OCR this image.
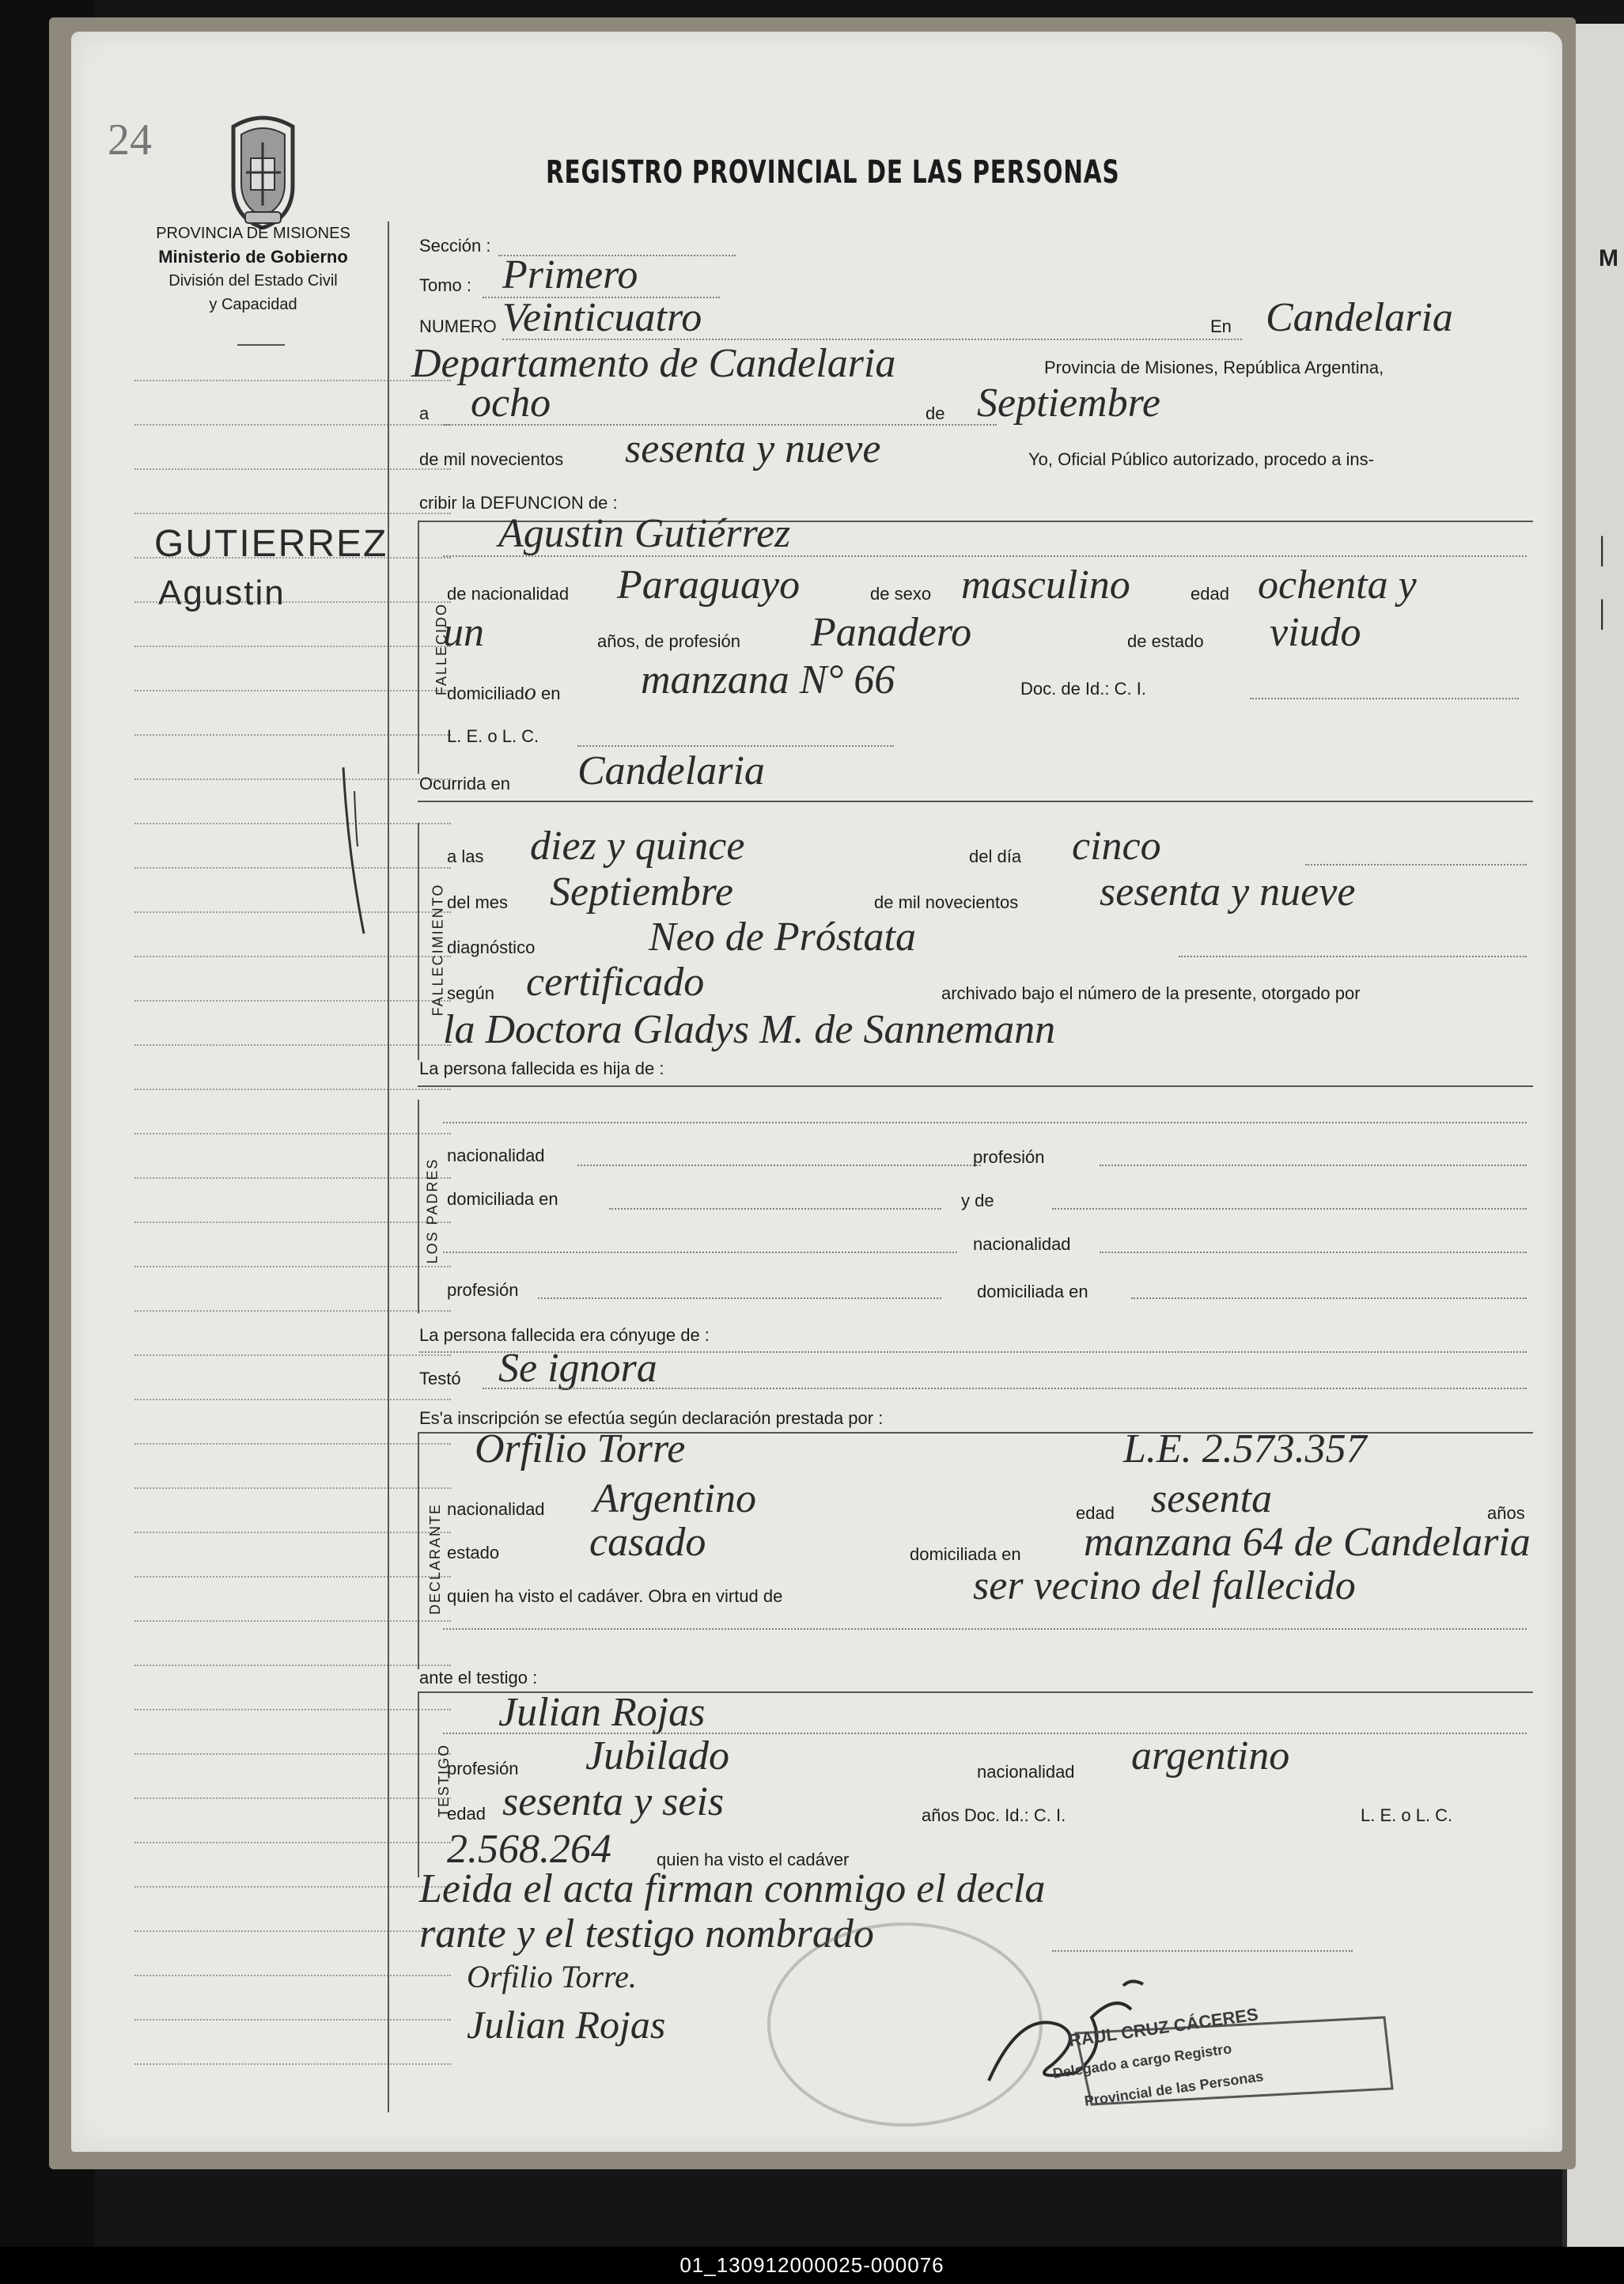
M
|
|
24
REGISTRO PROVINCIAL DE LAS PERSONAS
PROVINCIA DE MISIONES
Ministerio de Gobierno
División del Estado Civil
y Capacidad
GUTIERREZ
Agustin
Sección :
Tomo : Primero
NUMERO Veinticuatro	En Candelaria
Departamento de Candelaria	Provincia de Misiones, República Argentina,
a ocho	de Septiembre
de mil novecientos sesenta y nueve	Yo, Oficial Público autorizado, procedo a ins-
cribir la DEFUNCION de :
FALLECIDO
Agustin Gutiérrez
de nacionalidad Paraguayo	de sexo masculino	edad ochenta y
un	años, de profesión Panadero	de estado viudo
domiciliado en manzana N° 66	Doc. de Id.: C. I.
L. E. o L. C.
Ocurrida en Candelaria
FALLECIMIENTO
a las diez y quince	del día cinco
del mes Septiembre	de mil novecientos sesenta y nueve
diagnóstico	Neo de Próstata
según certificado	archivado bajo el número de la presente, otorgado por
la Doctora Gladys M. de Sannemann
La persona fallecida es hija de :
LOS PADRES
nacionalidad	profesión
domiciliada en	y de
nacionalidad
profesión	domiciliada en
La persona fallecida era cónyuge de :
Testó Se ignora
Es'a inscripción se efectúa según declaración prestada por :
DECLARANTE
Orfilio Torre	L.E. 2.573.357
nacionalidad Argentino	edad sesenta	años
estado casado	domiciliada en manzana 64 de Candelaria
quien ha visto el cadáver. Obra en virtud de	ser vecino del fallecido
ante el testigo :
TESTIGO
Julian Rojas
profesión Jubilado	nacionalidad argentino
edad sesenta y seis	años Doc. Id.: C. I.	L. E. o L. C.
2.568.264	quien ha visto el cadáver
Leida el acta firman conmigo el decla
rante y el testigo nombrado
Orfilio Torre.
Julian Rojas	RAUL CRUZ CÁCERES
Delegado a cargo Registro
Provincial de las Personas
01_130912000025-000076
